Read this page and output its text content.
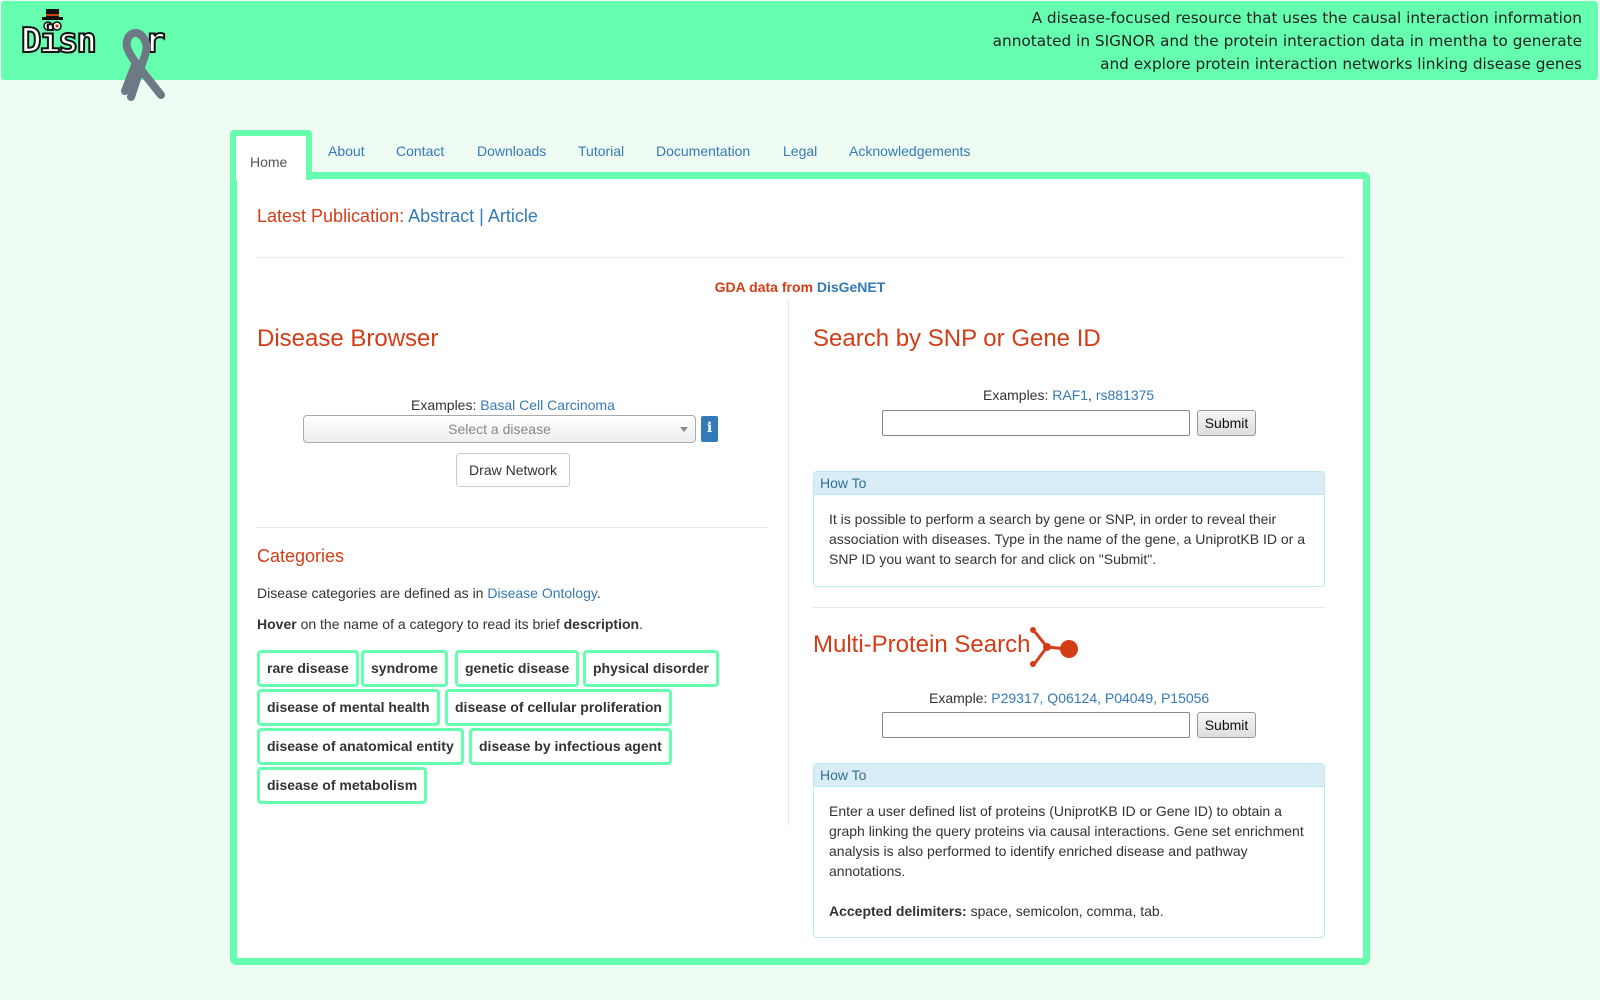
Disn r
A disease-focused resource that uses the causal interaction information
annotated in SIGNOR and the protein interaction data in mentha to generate
and explore protein interaction networks linking disease genes
Home
About Contact Downloads Tutorial Documentation Legal Acknowledgements
Latest Publication: Abstract | Article
GDA data from DisGeNET
Disease Browser
Examples: Basal Cell Carcinoma
Select a disease	i
Draw Network
Categories
Disease categories are defined as in Disease Ontology.
Hover on the name of a category to read its brief description.
rare disease	syndrome	genetic disease	physical disorder
disease of mental health	disease of cellular proliferation
disease of anatomical entity	disease by infectious agent
disease of metabolism
Search by SNP or Gene ID
Examples: RAF1, rs881375
Submit
How To
It is possible to perform a search by gene or SNP, in order to reveal their association with diseases. Type in the name of the gene, a UniprotKB ID or a SNP ID you want to search for and click on "Submit".
Multi-Protein Search
Example: P29317, Q06124, P04049, P15056
Submit
How To
Enter a user defined list of proteins (UniprotKB ID or Gene ID) to obtain a graph linking the query proteins via causal interactions. Gene set enrichment analysis is also performed to identify enriched disease and pathway annotations.
Accepted delimiters: space, semicolon, comma, tab.
